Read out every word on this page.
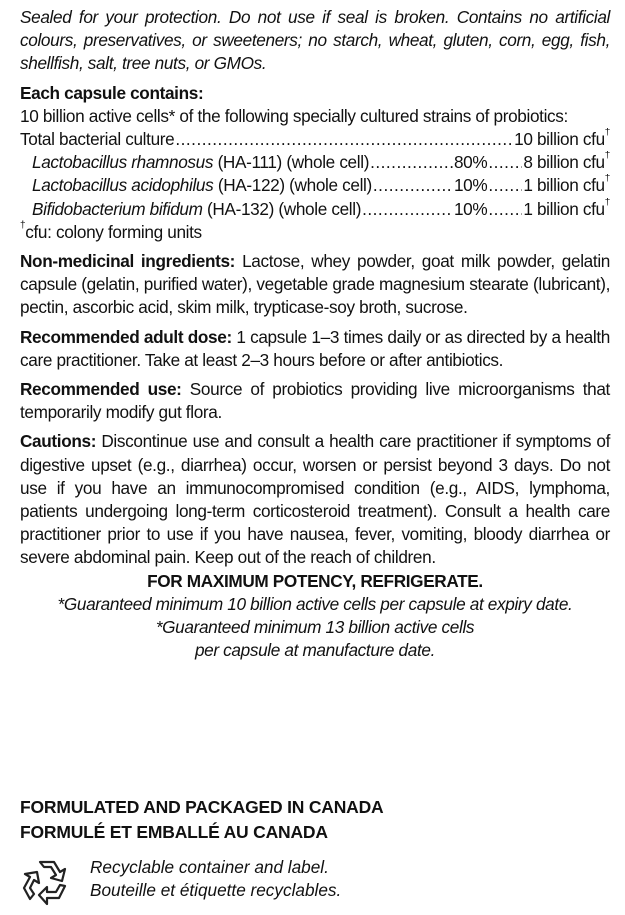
Sealed for your protection. Do not use if seal is broken. Contains no artificial colours, preservatives, or sweeteners; no starch, wheat, gluten, corn, egg, fish, shellfish, salt, tree nuts, or GMOs.

Each capsule contains:

10 billion active cells* of the following specially cultured strains of probiotics:

Total bacterial culture .....	10 billion cfu†
Lactobacillus rhamnosus (HA-111) (whole cell) .....	80% ..... 8 billion cfu†
Lactobacillus acidophilus (HA-122) (whole cell) .....	10% ..... 1 billion cfu†
Bifidobacterium bifidum (HA-132) (whole cell) .....	10% ..... 1 billion cfu†

†cfu: colony forming units

Non-medicinal ingredients: Lactose, whey powder, goat milk powder, gelatin capsule (gelatin, purified water), vegetable grade magnesium stearate (lubricant), pectin, ascorbic acid, skim milk, trypticase-soy broth, sucrose.

Recommended adult dose: 1 capsule 1–3 times daily or as directed by a health care practitioner. Take at least 2–3 hours before or after antibiotics.

Recommended use: Source of probiotics providing live microorganisms that temporarily modify gut flora.

Cautions: Discontinue use and consult a health care practitioner if symptoms of digestive upset (e.g., diarrhea) occur, worsen or persist beyond 3 days. Do not use if you have an immunocompromised condition (e.g., AIDS, lymphoma, patients undergoing long-term corticosteroid treatment). Consult a health care practitioner prior to use if you have nausea, fever, vomiting, bloody diarrhea or severe abdominal pain. Keep out of the reach of children.

FOR MAXIMUM POTENCY, REFRIGERATE.

*Guaranteed minimum 10 billion active cells per capsule at expiry date.

*Guaranteed minimum 13 billion active cells

per capsule at manufacture date.

FORMULATED AND PACKAGED IN CANADA
FORMULÉ ET EMBALLÉ AU CANADA
Recyclable container and label.
Bouteille et étiquette recyclables.
